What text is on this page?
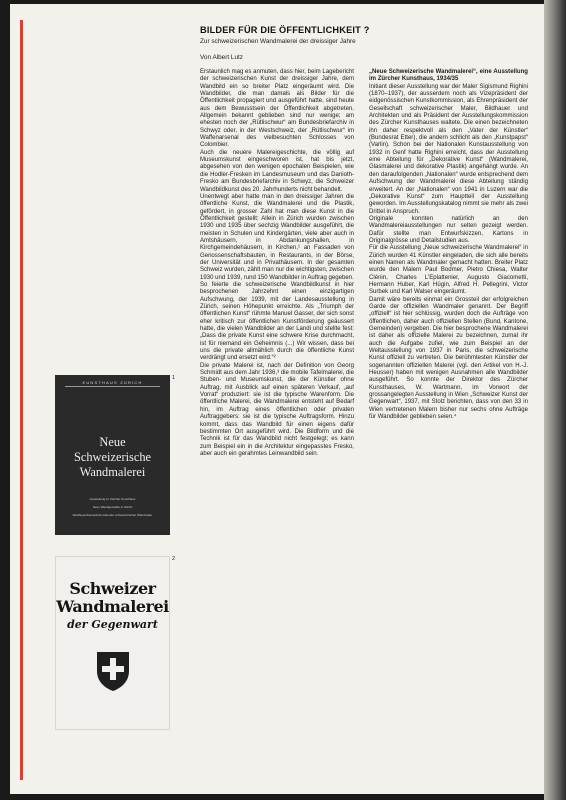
BILDER FÜR DIE ÖFFENTLICHKEIT ?
Zur schweizerischen Wandmalerei der dreissiger Jahre
Von Albert Lutz

Erstaunlich mag es anmuten, dass hier, beim Lagebericht der schweizerischen Kunst der dreissiger Jahre, dem Wandbild ein so breiter Platz eingeräumt wird. Die Wandbilder, die man damals als Bilder für die Öffentlichkeit propagiert und ausgeführt hatte, sind heute aus dem Bewusstsein der Öffentlichkeit abgetreten. Allgemein bekannt geblieben sind nur wenige; am ehesten noch der „Rütlischwur“ am Bundesbriefarchiv in Schwyz oder, in der Westschweiz, der „Rütlischwur“ im Waffenarsenal des vielbesuchten Schlosses von Colombier.

Auch die neuere Malereigeschichte, die völlig auf Museumskunst eingeschworen ist, hat bis jetzt, abgesehen von den wenigen epochalen Beispielen, wie die Hodler-Fresken im Landesmuseum und das Danioth-Fresko am Bundesbriefarchiv in Schwyz, die Schweizer Wandbildkunst des 20. Jahrhunderts nicht behandelt.

Unentwegt aber hatte man in den dreissiger Jahren die öffentliche Kunst, die Wandmalerei und die Plastik, gefördert, in grosser Zahl hat man diese Kunst in die Öffentlichkeit gestellt: Allein in Zürich wurden zwischen 1930 und 1935 über sechzig Wandbilder ausgeführt, die meisten in Schulen und Kindergärten, viele aber auch in Amtshäusern, in Abdankungshallen, in Kirchgemeindehäusern, in Kirchen,¹ an Fassaden von Genossenschaftsbauten, in Restaurants, in der Börse, der Universität und in Privathäusern. In der gesamten Schweiz wurden, zählt man nur die wichtigsten, zwischen 1930 und 1939, rund 150 Wandbilder in Auftrag gegeben.

So feierte die schweizerische Wandbildkunst in hier besprochenen Jahrzehnt einen einzigartigen Aufschwung, der 1939, mit der Landesausstellung in Zürich, seinen Höhepunkt erreichte. Als „Triumph der öffentlichen Kunst“ rühmte Manuel Gasser, der sich sonst eher kritisch zur öffentlichen Kunstförderung geäussert hatte, die vielen Wandbilder an der Landi und stellte fest: „Dass die private Kunst eine schwere Krise durchmacht, ist für niemand ein Geheimnis (...) Wir wissen, dass bei uns die private allmählich durch die öffentliche Kunst verdrängt und ersetzt wird.“²

Die private Malerei ist, nach der Definition von Georg Schmidt aus dem Jahr 1936,³ die mobile Tafelmalerei, die Stuben- und Museumskunst, die der Künstler ohne Auftrag, mit Ausblick auf einen späteren Verkauf, „auf Vorrat“ produziert: sie ist die typische Warenform. Die öffentliche Malerei, die Wandmalerei entsteht auf Bedarf hin, im Auftrag eines öffentlichen oder privaten Auftraggebers: sie ist die typische Auftragsform. Hinzu kommt, dass das Wandbild für einen eigens dafür bestimmten Ort ausgeführt wird. Die Bildform und die Technik ist für das Wandbild nicht festgelegt; es kann zum Beispiel ein in die Architektur eingepasstes Fresko, aber auch ein gerahmtes Leinwandbild sein.

„Neue Schweizerische Wandmalerei“, eine Ausstellung im Zürcher Kunsthaus, 1934/35

Initiant dieser Ausstellung war der Maler Sigismund Righini (1870–1937), der ausserdem noch als Vizepräsident der eidgenössischen Kunstkommission, als Ehrenpräsident der Gesellschaft schweizerischer Maler, Bildhauer und Architekten und als Präsident der Ausstellungskommission des Zürcher Kunsthauses waltete. Die einen bezeichneten ihn daher respektvoll als den „Vater der Künstler“ (Bundesrat Etter), die andern schlicht als den „Kunstpapst“ (Varlin). Schon bei der Nationalen Kunstausstellung von 1932 in Genf hatte Righini erreicht, dass der Ausstellung eine Abteilung für „Dekorative Kunst“ (Wandmalerei, Glasmalerei und dekorative Plastik) angehängt wurde. An den daraufolgenden „Nationalen“ wurde entsprechend dem Aufschwung der Wandmalerei diese Abteilung ständig erweitert. An der „Nationalen“ von 1941 in Luzern war die „Dekorative Kunst“ zum Hauptteil der Ausstellung geworden. Im Ausstellungskatalog nimmt sie mehr als zwei Drittel in Anspruch.

Originale konnten natürlich an den Wandmalereiausstellungen nur selten gezeigt werden. Dafür stellte man Entwurfskizzen, Kartons in Originalgrösse und Detailstudien aus.

Für die Ausstellung „Neue schweizerische Wandmalerei“ in Zürich wurden 41 Künstler eingeladen, die sich alle bereits einen Namen als Wandmaler gemacht hatten. Breiter Platz wurde den Malern Paul Bodmer, Pietro Chiesa, Walter Clénin, Charles L'Eplattenier, Augusto Giacometti, Hermann Huber, Karl Hügin, Alfred H. Pellegrini, Victor Surbek und Karl Walser eingeräumt.

Damit wäre bereits einmal ein Grossteil der erfolgreichen Garde der offiziellen Wandmaler genannt. Der Begriff „offiziell“ ist hier schlüssig, wurden doch die Aufträge von öffentlichen, daher auch offiziellen Stellen (Bund, Kantone, Gemeinden) vergeben. Die hier besprochene Wandmalerei ist daher als offizielle Malerei zu bezeichnen, zumal ihr auch die Aufgabe zufiel, wie zum Beispiel an der Weltausstellung von 1937 in Paris, die schweizerische Kunst offiziell zu vertreten. Die berühmtesten Künstler der sogenannten offiziellen Malerei (vgl. den Artikel von H.-J. Heusser) haben mit wenigen Ausnahmen alle Wandbilder ausgeführt. So konnte der Direktor des Zürcher Kunsthauses, W. Wartmann, im Vorwort der grossangelegten Ausstellung in Wien „Schweizer Kunst der Gegenwart“, 1937, mit Stolz berichten, dass von den 33 in Wien vertretenen Malern bisher nur sechs ohne Aufträge für Wandbilder geblieben seien.⁴

1
KUNSTHAUS ZÜRICH
Neue
Schweizerische
Wandmalerei
Ausstellung im Zürcher Kunsthaus
Neue Wandgemälde in Zürich
Wettbewerbsentwürfe lebender schweizerischer Wandmaler
2
Schweizer
Wandmalerei
der Gegenwart
